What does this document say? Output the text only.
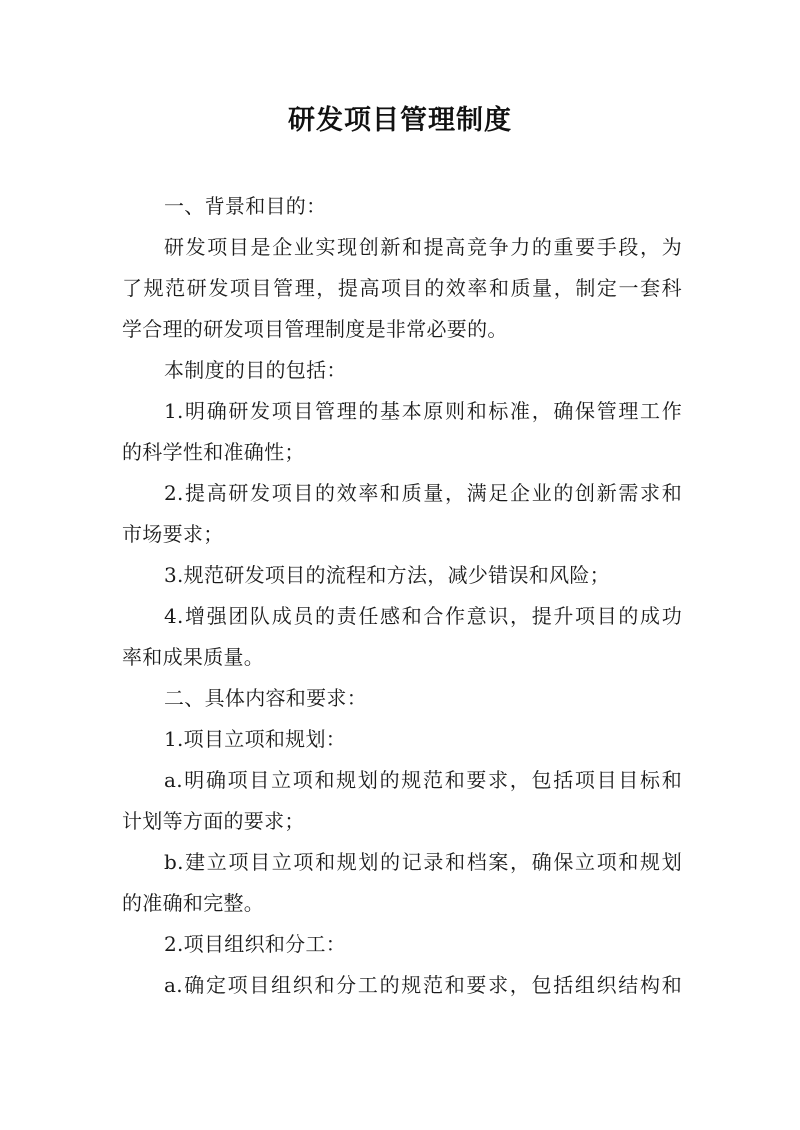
研发项目管理制度
一、背景和目的：
研发项目是企业实现创新和提高竞争力的重要手段，为
了规范研发项目管理，提高项目的效率和质量，制定一套科
学合理的研发项目管理制度是非常必要的。
本制度的目的包括：
1.明确研发项目管理的基本原则和标准，确保管理工作
的科学性和准确性；
2.提高研发项目的效率和质量，满足企业的创新需求和
市场要求；
3.规范研发项目的流程和方法，减少错误和风险；
4.增强团队成员的责任感和合作意识，提升项目的成功
率和成果质量。
二、具体内容和要求：
1.项目立项和规划：
a.明确项目立项和规划的规范和要求，包括项目目标和
计划等方面的要求；
b.建立项目立项和规划的记录和档案，确保立项和规划
的准确和完整。
2.项目组织和分工：
a.确定项目组织和分工的规范和要求，包括组织结构和
